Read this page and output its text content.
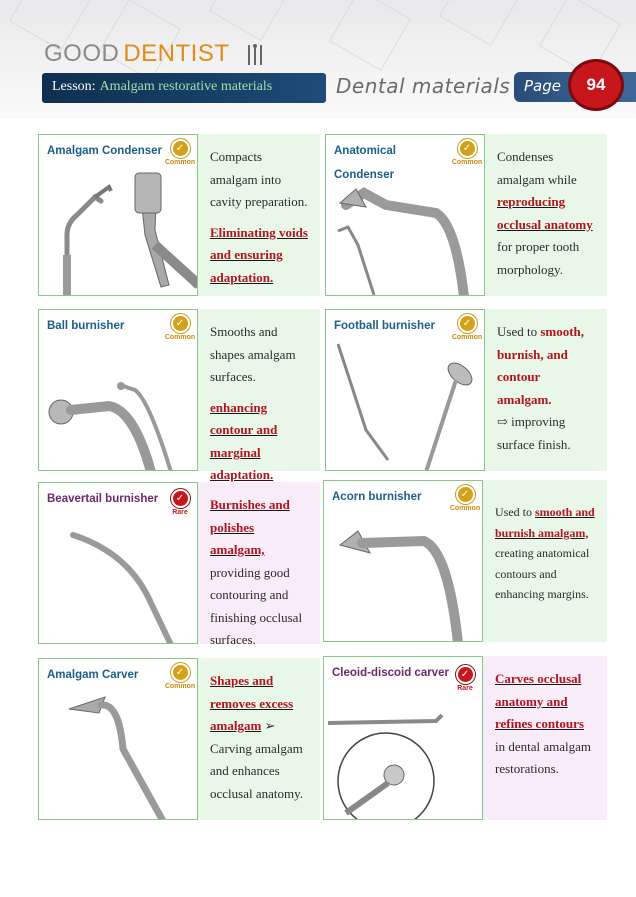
GOOD DENTIST
Lesson: Amalgam restorative materials	Dental materials Page	94
Amalgam Condenser	✓
Common Compacts amalgam into cavity preparation.
Eliminating voids and ensuring adaptation.
Anatomical Condenser
✓
Common	Condenses amalgam while reproducing occlusal anatomy for proper tooth morphology.
Ball burnisher	✓
Common Smooths and shapes amalgam surfaces.
enhancing contour and marginal adaptation.
Football burnisher	✓
Common	Used to smooth, burnish, and contour amalgam.
⇨ improving surface finish.
Beavertail burnisher	✓
Rare
Burnishes and polishes amalgam, providing good contouring and finishing occlusal surfaces.
Acorn burnisher	✓
Common	Used to smooth and burnish amalgam, creating anatomical contours and enhancing margins.
Amalgam Carver	✓
Common	Shapes and removes excess amalgam ➢ Carving amalgam and enhances occlusal anatomy.
Cleoid-discoid carver	✓
Rare
Carves occlusal anatomy and refines contours in dental amalgam restorations.
